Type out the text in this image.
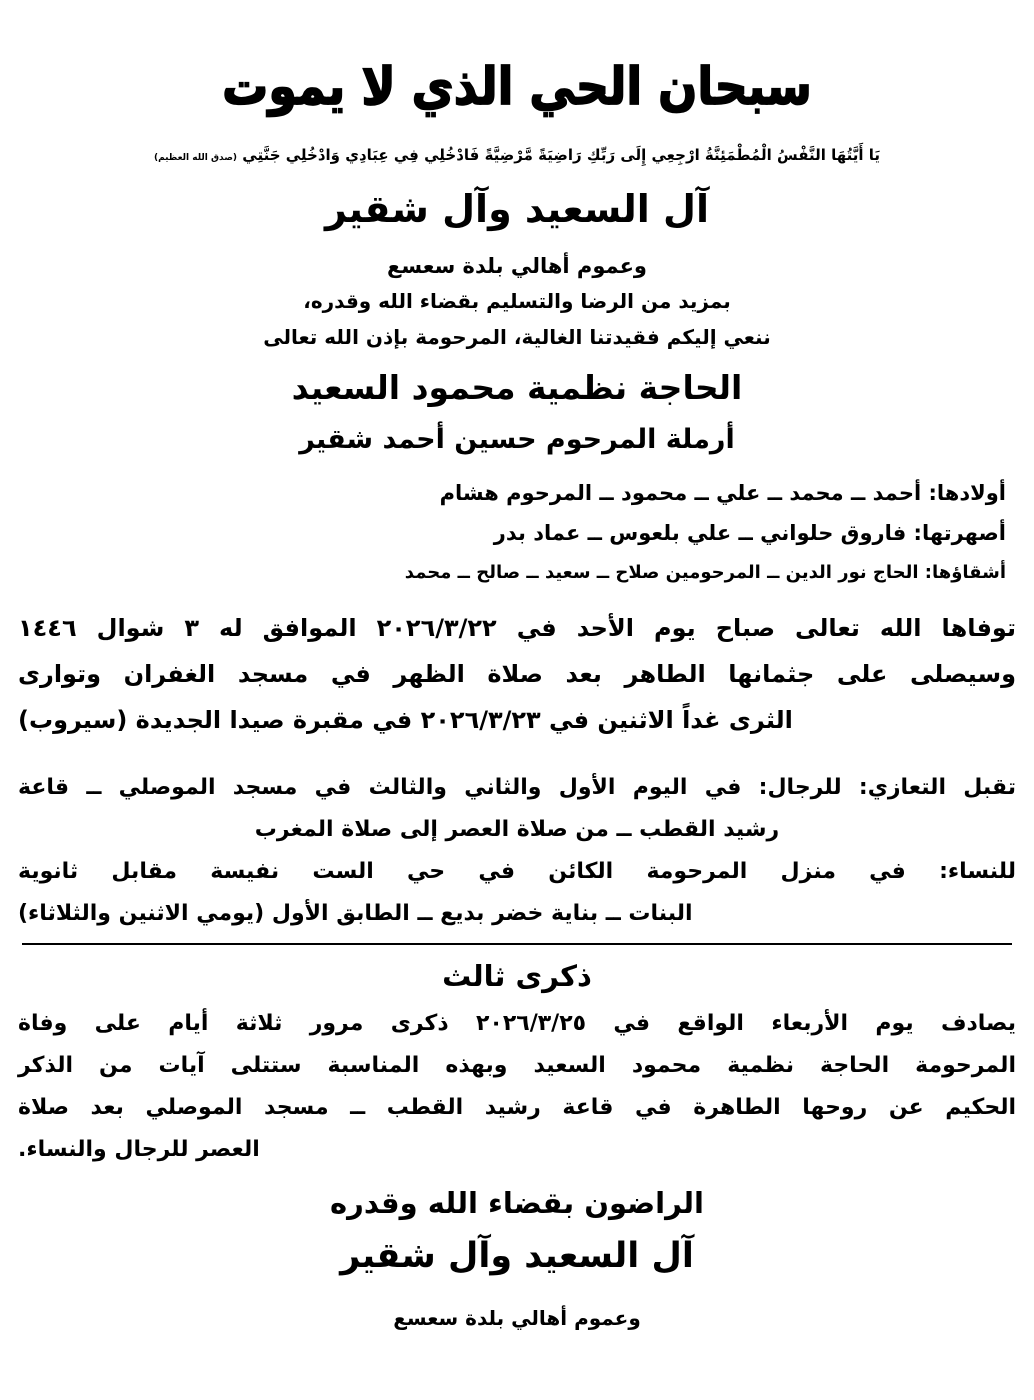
سبحان الحي الذي لا يموت
يَا أَيَّتُهَا النَّفْسُ الْمُطْمَئِنَّةُ ارْجِعِي إِلَى رَبِّكِ رَاضِيَةً مَّرْضِيَّةً فَادْخُلِي فِي عِبَادِي وَادْخُلِي جَنَّتِي (صدق الله العظيم)
آل السعيد وآل شقير
وعموم أهالي بلدة سعسع
بمزيد من الرضا والتسليم بقضاء الله وقدره،
ننعي إليكم فقيدتنا الغالية، المرحومة بإذن الله تعالى
الحاجة نظمية محمود السعيد
أرملة المرحوم حسين أحمد شقير
أولادها: أحمد ــ محمد ــ علي ــ محمود ــ المرحوم هشام
أصهرتها: فاروق حلواني ــ علي بلعوس ــ عماد بدر
أشقاؤها: الحاج نور الدين ــ المرحومين صلاح ــ سعيد ــ صالح ــ محمد
توفاها الله تعالى صباح يوم الأحد في ٢٠٢٦/٣/٢٢ الموافق له ٣ شوال ١٤٤٦
وسيصلى على جثمانها الطاهر بعد صلاة الظهر في مسجد الغفران وتوارى
الثرى غداً الاثنين في ٢٠٢٦/٣/٢٣ في مقبرة صيدا الجديدة (سيروب)
تقبل التعازي: للرجال: في اليوم الأول والثاني والثالث في مسجد الموصلي ــ قاعة
رشيد القطب ــ من صلاة العصر إلى صلاة المغرب
للنساء: في منزل المرحومة الكائن في حي الست نفيسة مقابل ثانوية
البنات ــ بناية خضر بديع ــ الطابق الأول (يومي الاثنين والثلاثاء)
ذكرى ثالث
يصادف يوم الأربعاء الواقع في ٢٠٢٦/٣/٢٥ ذكرى مرور ثلاثة أيام على وفاة
المرحومة الحاجة نظمية محمود السعيد وبهذه المناسبة ستتلى آيات من الذكر
الحكيم عن روحها الطاهرة في قاعة رشيد القطب ــ مسجد الموصلي بعد صلاة
العصر للرجال والنساء.
الراضون بقضاء الله وقدره
آل السعيد وآل شقير
وعموم أهالي بلدة سعسع
